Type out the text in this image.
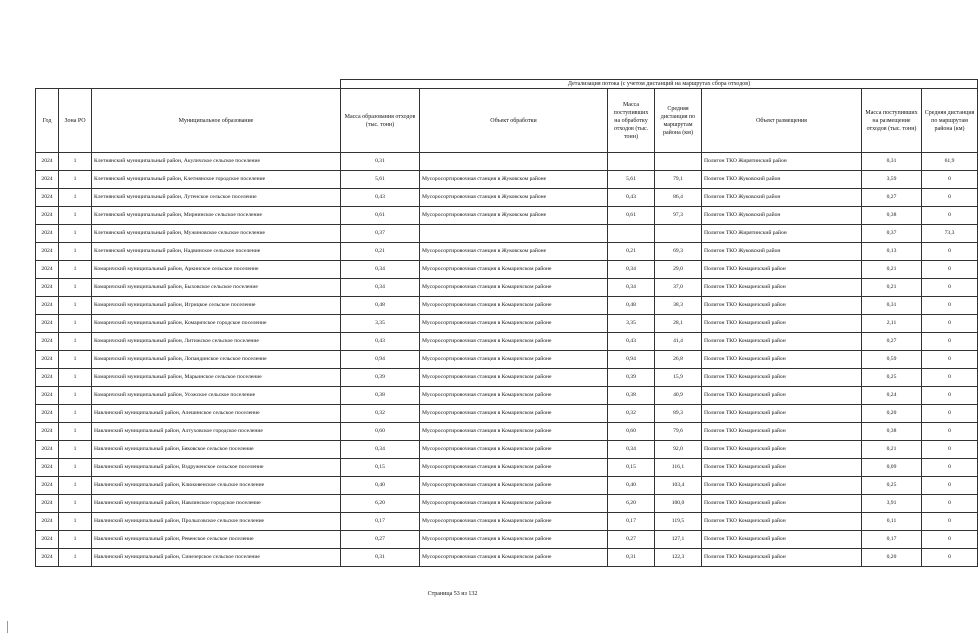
			Детализация потока (с учетом дистанций на маршрутах сбора отходов)						
Год	Зона РО	Муниципальное образование	Масса образования отходов (тыс. тонн)	Объект обработки	Масса поступивших на обработку отходов (тыс. тонн)	Средняя дистанция по маршрутам района (км)	Объект размещения	Масса поступивших на размещение отходов (тыс. тонн)	Средняя дистанция по маршрутам района (км)
2024	1	Клетнянский муниципальный район, Акуличское сельское поселение	0,31				Полигон ТКО Жирятинский район	0,31	61,9
2024	1	Клетнянский муниципальный район, Клетнянское городское поселение	5,61	Мусоросортировочная станция в Жуковском районе	5,61	79,1	Полигон ТКО Жуковский район	3,59	0
2024	1	Клетнянский муниципальный район, Лутенское сельское поселение	0,43	Мусоросортировочная станция в Жуковском районе	0,43	86,4	Полигон ТКО Жуковский район	0,27	0
2024	1	Клетнянский муниципальный район, Мирнинское сельское поселение	0,61	Мусоросортировочная станция в Жуковском районе	0,61	97,3	Полигон ТКО Жуковский район	0,38	0
2024	1	Клетнянский муниципальный район, Мужиновское сельское поселение	0,37				Полигон ТКО Жирятинский район	0,37	73,3
2024	1	Клетнянский муниципальный район, Надвинское сельское поселение	0,21	Мусоросортировочная станция в Жуковском районе	0,21	69,3	Полигон ТКО Жуковский район	0,13	0
2024	1	Комаричский муниципальный район, Аркинское сельское поселение	0,34	Мусоросортировочная станция в Комаричском районе	0,34	29,0	Полигон ТКО Комаричский район	0,21	0
2024	1	Комаричский муниципальный район, Быховское сельское поселение	0,34	Мусоросортировочная станция в Комаричском районе	0,34	37,0	Полигон ТКО Комаричский район	0,21	0
2024	1	Комаричский муниципальный район, Игрицкое сельское поселение	0,48	Мусоросортировочная станция в Комаричском районе	0,48	38,3	Полигон ТКО Комаричский район	0,31	0
2024	1	Комаричский муниципальный район, Комаричское городское поселение	3,35	Мусоросортировочная станция в Комаричском районе	3,35	28,1	Полигон ТКО Комаричский район	2,11	0
2024	1	Комаричский муниципальный район, Литижское сельское поселение	0,43	Мусоросортировочная станция в Комаричском районе	0,43	41,4	Полигон ТКО Комаричский район	0,27	0
2024	1	Комаричский муниципальный район, Лопандинское сельское поселение	0,94	Мусоросортировочная станция в Комаричском районе	0,94	26,8	Полигон ТКО Комаричский район	0,59	0
2024	1	Комаричский муниципальный район, Марьинское сельское поселение	0,39	Мусоросортировочная станция в Комаричском районе	0,39	15,9	Полигон ТКО Комаричский район	0,25	0
2024	1	Комаричский муниципальный район, Усожское сельское поселение	0,38	Мусоросортировочная станция в Комаричском районе	0,38	40,9	Полигон ТКО Комаричский район	0,24	0
2024	1	Навлинский муниципальный район, Алешинское сельское поселение	0,32	Мусоросортировочная станция в Комаричском районе	0,32	89,3	Полигон ТКО Комаричский район	0,20	0
2024	1	Навлинский муниципальный район, Алтуховское городское поселение	0,60	Мусоросортировочная станция в Комаричском районе	0,60	79,6	Полигон ТКО Комаричский район	0,38	0
2024	1	Навлинский муниципальный район, Бяковское сельское поселение	0,34	Мусоросортировочная станция в Комаричском районе	0,34	92,0	Полигон ТКО Комаричский район	0,21	0
2024	1	Навлинский муниципальный район, Вздруженское сельское поселение	0,15	Мусоросортировочная станция в Комаричском районе	0,15	116,1	Полигон ТКО Комаричский район	0,09	0
2024	1	Навлинский муниципальный район, Клюковенское сельское поселение	0,40	Мусоросортировочная станция в Комаричском районе	0,40	103,4	Полигон ТКО Комаричский район	0,25	0
2024	1	Навлинский муниципальный район, Навлинское городское поселение	6,20	Мусоросортировочная станция в Комаричском районе	6,20	100,0	Полигон ТКО Комаричский район	3,91	0
2024	1	Навлинский муниципальный район, Пролысовское сельское поселение	0,17	Мусоросортировочная станция в Комаричском районе	0,17	119,5	Полигон ТКО Комаричский район	0,11	0
2024	1	Навлинский муниципальный район, Ревенское сельское поселение	0,27	Мусоросортировочная станция в Комаричском районе	0,27	127,1	Полигон ТКО Комаричский район	0,17	0
2024	1	Навлинский муниципальный район, Синезерское сельское поселение	0,31	Мусоросортировочная станция в Комаричском районе	0,31	122,3	Полигон ТКО Комаричский район	0,20	0
Страница 53 из 132
